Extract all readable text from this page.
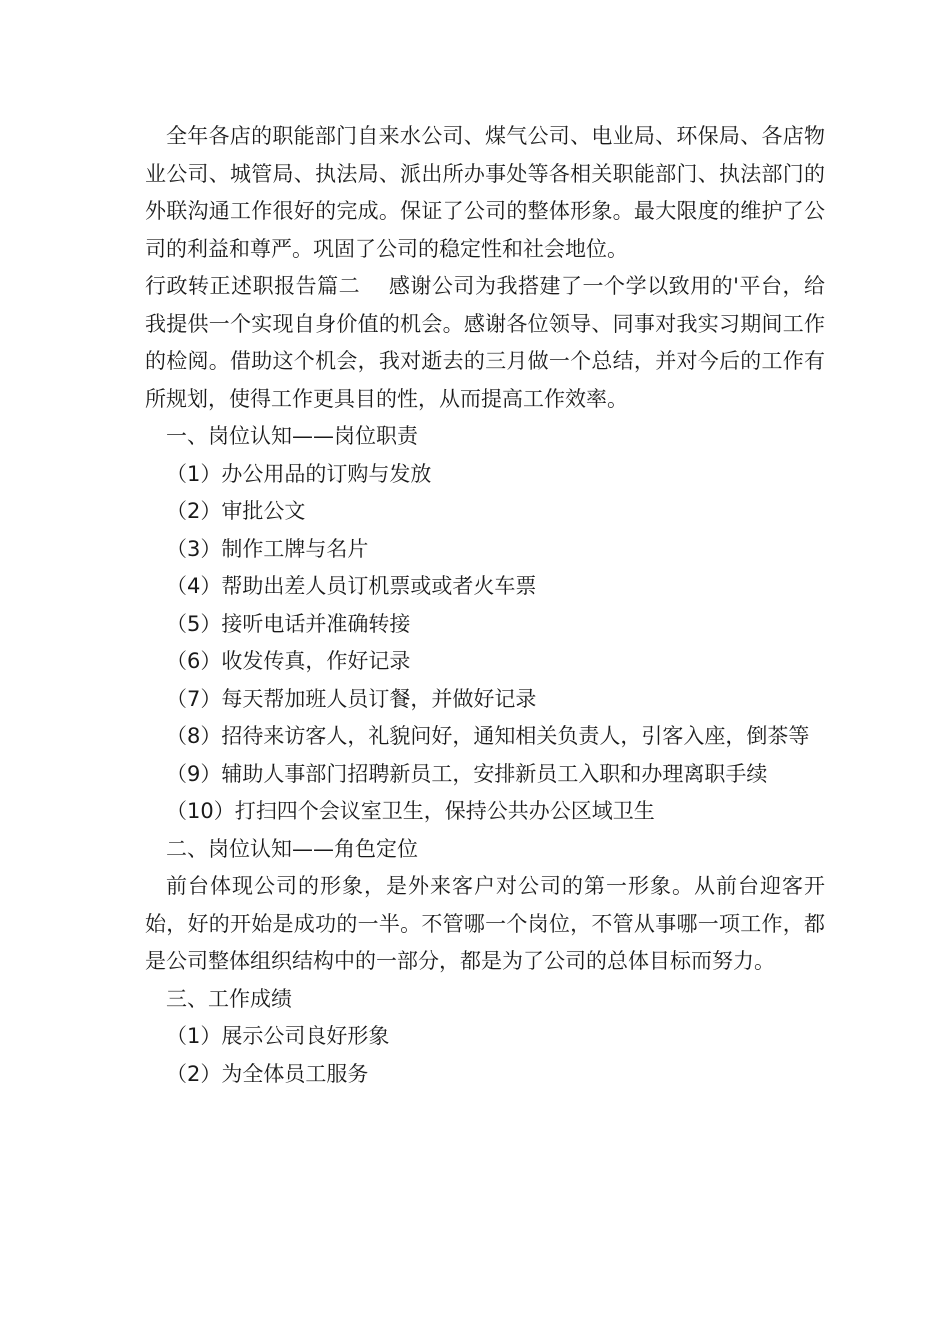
全年各店的职能部门自来水公司、煤气公司、电业局、环保局、各店物业公司、城管局、执法局、派出所办事处等各相关职能部门、执法部门的外联沟通工作很好的完成。保证了公司的整体形象。最大限度的维护了公司的利益和尊严。巩固了公司的稳定性和社会地位。

行政转正述职报告篇二　 感谢公司为我搭建了一个学以致用的'平台，给我提供一个实现自身价值的机会。感谢各位领导、同事对我实习期间工作的检阅。借助这个机会，我对逝去的三月做一个总结，并对今后的工作有所规划，使得工作更具目的性，从而提高工作效率。

一、岗位认知——岗位职责

（1）办公用品的订购与发放

（2）审批公文

（3）制作工牌与名片

（4）帮助出差人员订机票或或者火车票

（5）接听电话并准确转接

（6）收发传真，作好记录

（7）每天帮加班人员订餐，并做好记录

（8）招待来访客人，礼貌问好，通知相关负责人，引客入座，倒茶等

（9）辅助人事部门招聘新员工，安排新员工入职和办理离职手续

（10）打扫四个会议室卫生，保持公共办公区域卫生

二、岗位认知——角色定位

前台体现公司的形象，是外来客户对公司的第一形象。从前台迎客开始，好的开始是成功的一半。不管哪一个岗位，不管从事哪一项工作，都是公司整体组织结构中的一部分，都是为了公司的总体目标而努力。

三、工作成绩

（1）展示公司良好形象

（2）为全体员工服务
